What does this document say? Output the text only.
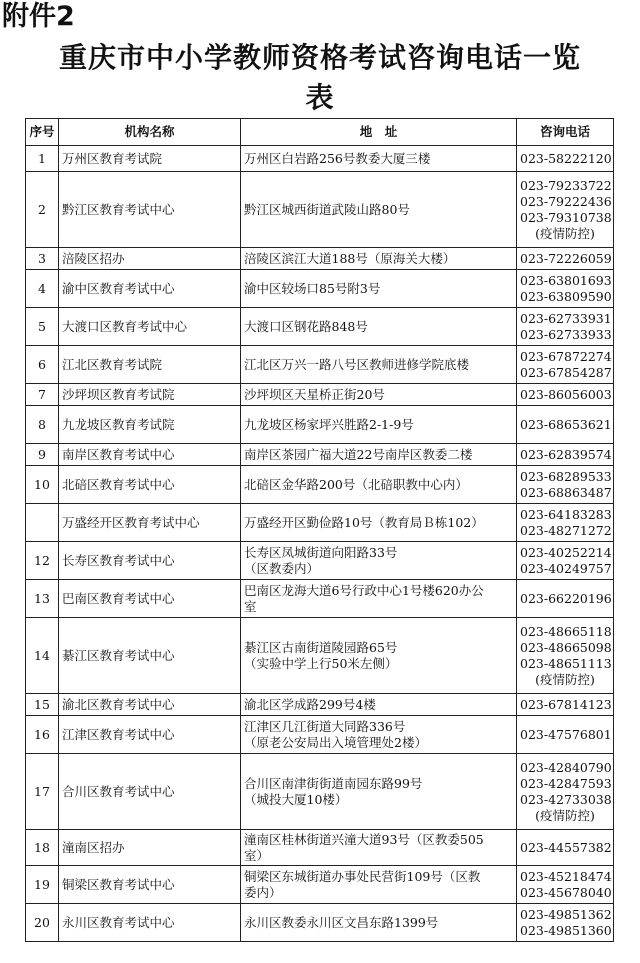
附件2
重庆市中小学教师资格考试咨询电话一览
表
序号	机构名称	地　址	咨询电话
1	万州区教育考试院	万州区白岩路256号教委大厦三楼	023-58222120

2	黔江区教育考试中心	黔江区城西街道武陵山路80号	023-79233722
023-79222436
023-79310738
(疫情防控)

3	涪陵区招办	涪陵区滨江大道188号（原海关大楼）	023-72226059

4	渝中区教育考试中心	渝中区较场口85号附3号	023-63801693
023-63809590

5	大渡口区教育考试中心	大渡口区钢花路848号	023-62733931
023-62733933

6	江北区教育考试院	江北区万兴一路八号区教师进修学院底楼	023-67872274
023-67854287

7	沙坪坝区教育考试院	沙坪坝区天星桥正街20号	023-86056003

8	九龙坡区教育考试院	九龙坡区杨家坪兴胜路2-1-9号	023-68653621

9	南岸区教育考试中心	南岸区茶园广福大道22号南岸区教委二楼	023-62839574

10	北碚区教育考试中心	北碚区金华路200号（北碚职教中心内）	023-68289533
023-68863487

	万盛经开区教育考试中心	万盛经开区勤俭路10号（教育局Ｂ栋102）	023-64183283
023-48271272

12	长寿区教育考试中心	长寿区凤城街道向阳路33号
（区教委内）	023-40252214
023-40249757

13	巴南区教育考试中心	巴南区龙海大道6号行政中心1号楼620办公
室	023-66220196

14	綦江区教育考试中心	綦江区古南街道陵园路65号
（实验中学上行50米左侧）	023-48665118
023-48665098
023-48651113
(疫情防控)

15	渝北区教育考试中心	渝北区学成路299号4楼	023-67814123

16	江津区教育考试中心	江津区几江街道大同路336号
（原老公安局出入境管理处2楼）	023-47576801

17	合川区教育考试中心	合川区南津街街道南园东路99号
（城投大厦10楼）	023-42840790
023-42847593
023-42733038
(疫情防控)

18	潼南区招办	潼南区桂林街道兴潼大道93号（区教委505
室）	023-44557382

19	铜梁区教育考试中心	铜梁区东城街道办事处民营街109号（区教
委内）	023-45218474
023-45678040

20	永川区教育考试中心	永川区教委永川区文昌东路1399号	023-49851362
023-49851360
